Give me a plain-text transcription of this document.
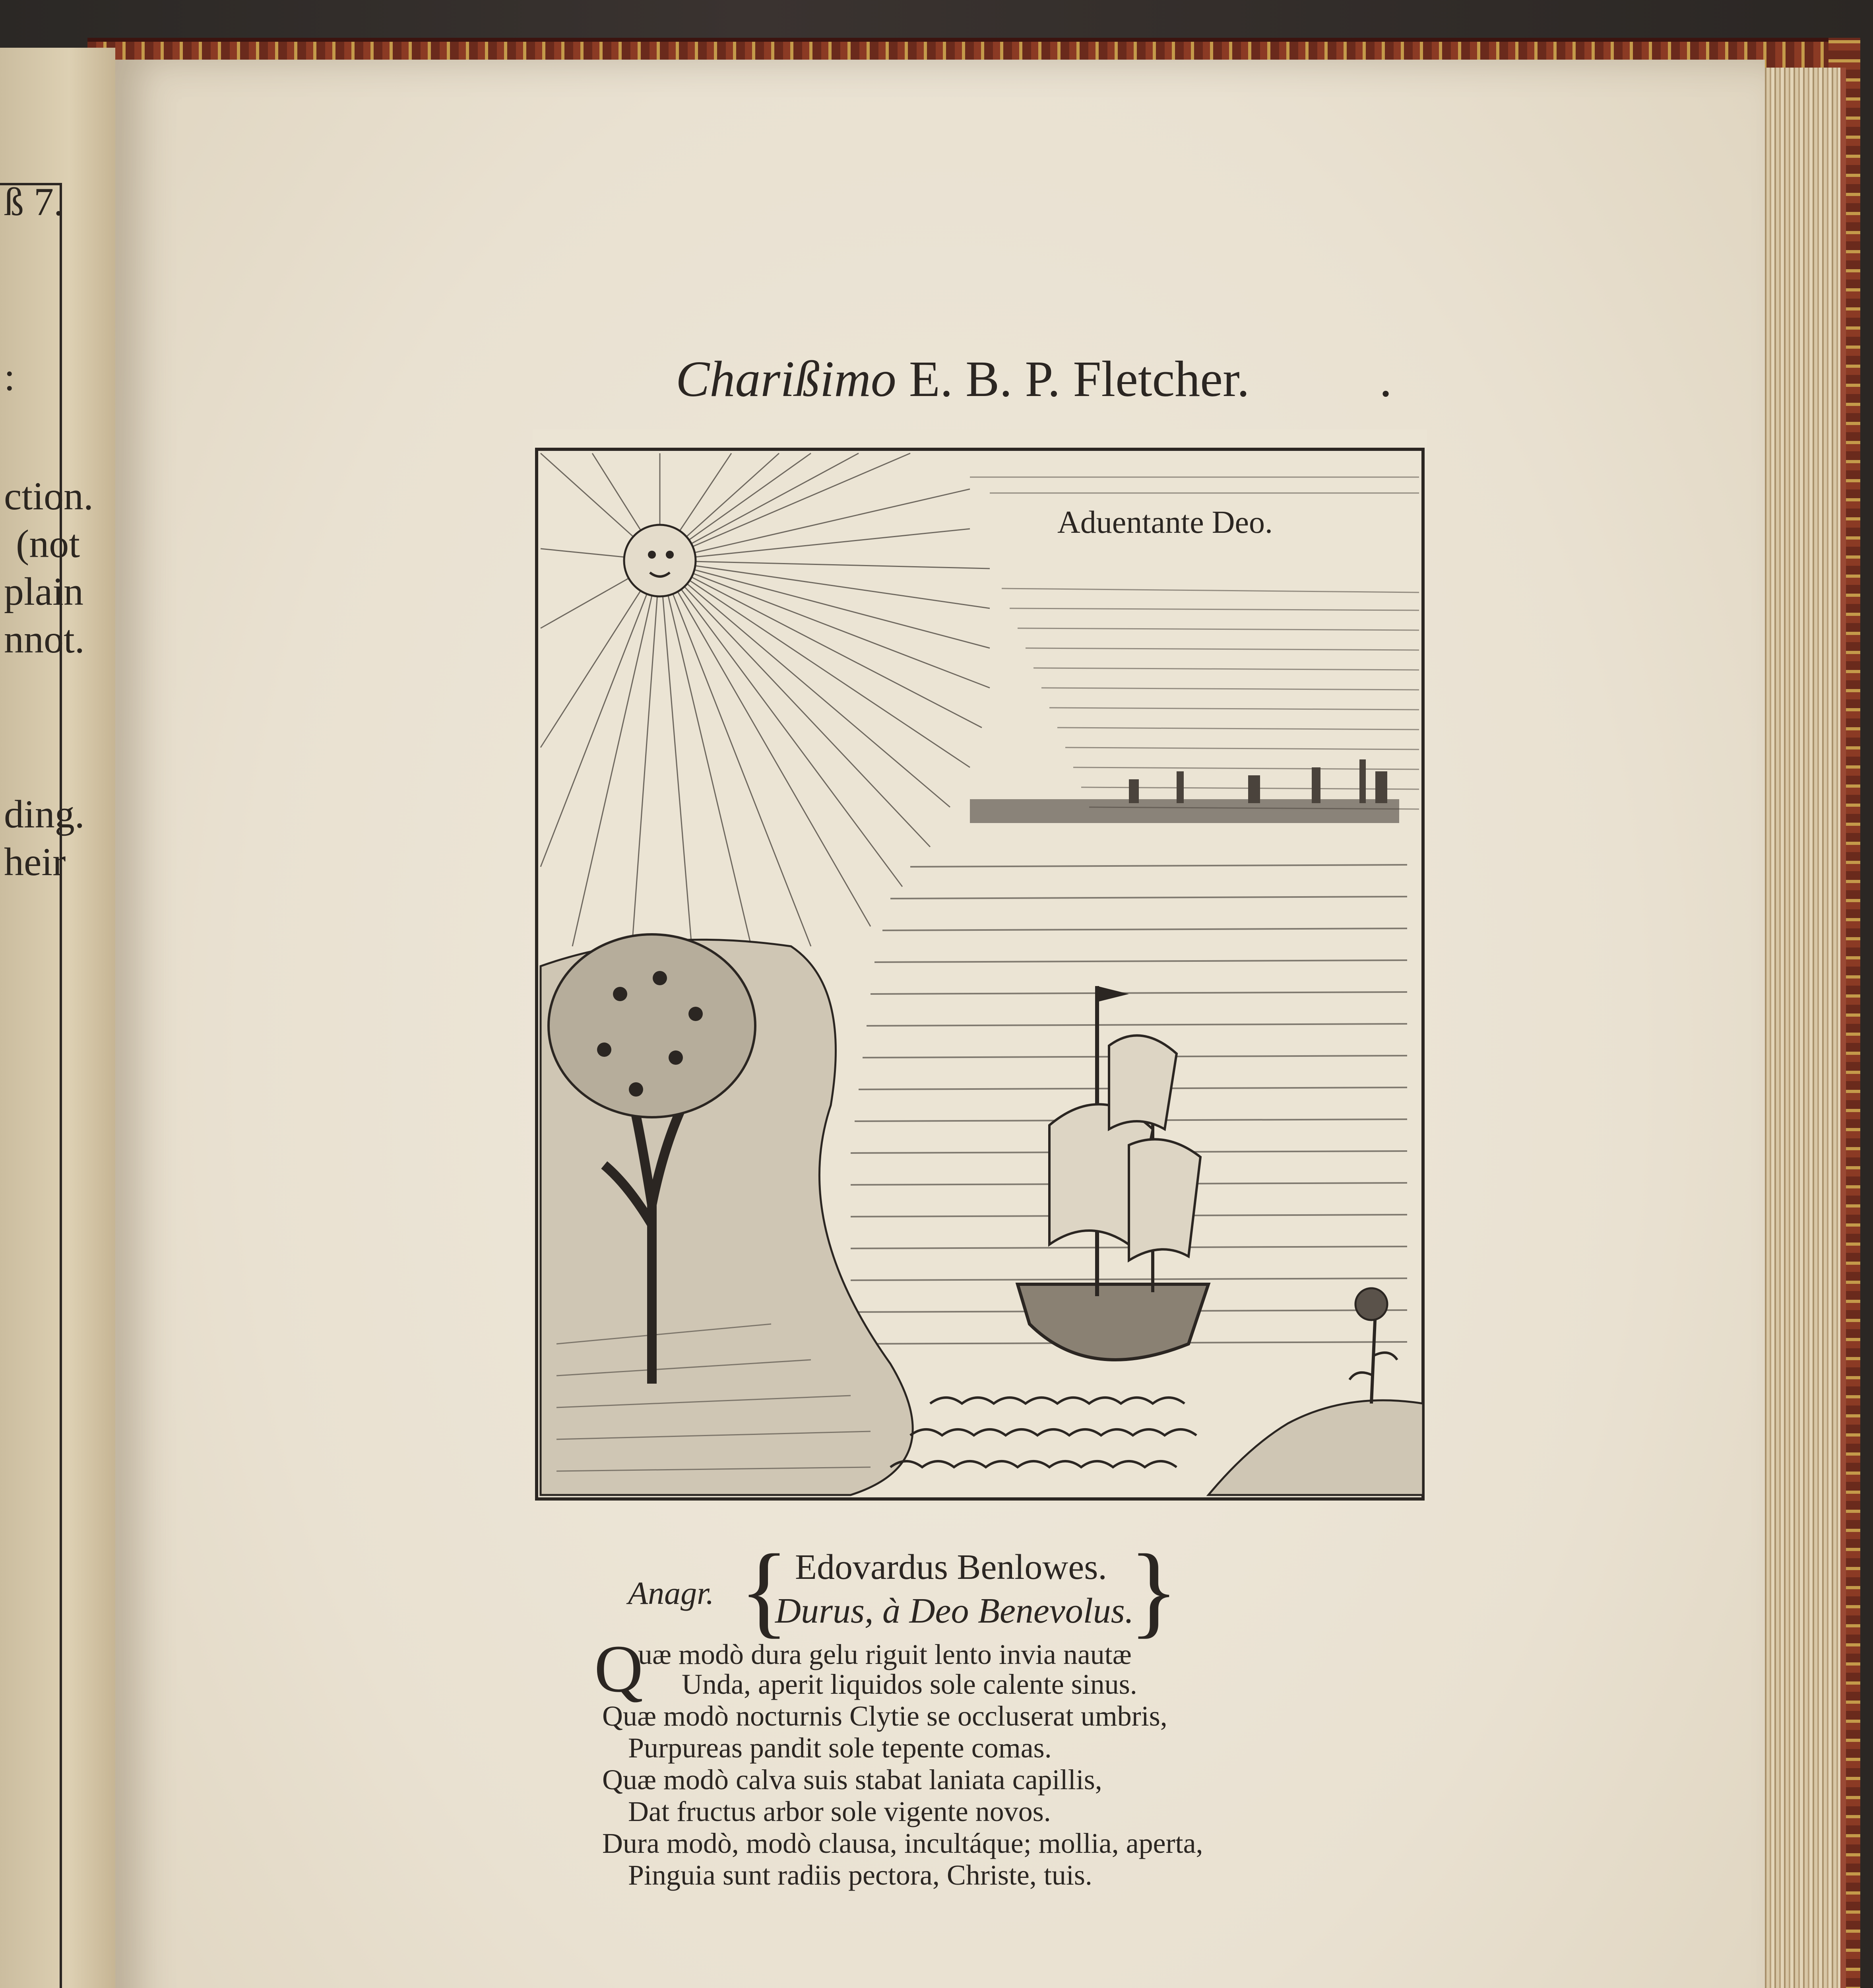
ß 7.
:
ction.
(not
plain
nnot.
ding.
heir
Charißimo E. B. P. Fletcher.	.
Aduentante Deo.
Anagr. { Edovardus Benlowes.
Durus, à Deo Benevolus.
}
Q
uæ modò dura gelu riguit lento invia nautæ
Unda, aperit liquidos sole calente sinus.
Quæ modò nocturnis Clytie se occluserat umbris,
Purpureas pandit sole tepente comas.
Quæ modò calva suis stabat laniata capillis,
Dat fructus arbor sole vigente novos.
Dura modò, modò clausa, incultáque; mollia, aperta,
Pinguia sunt radiis pectora, Christe, tuis.
